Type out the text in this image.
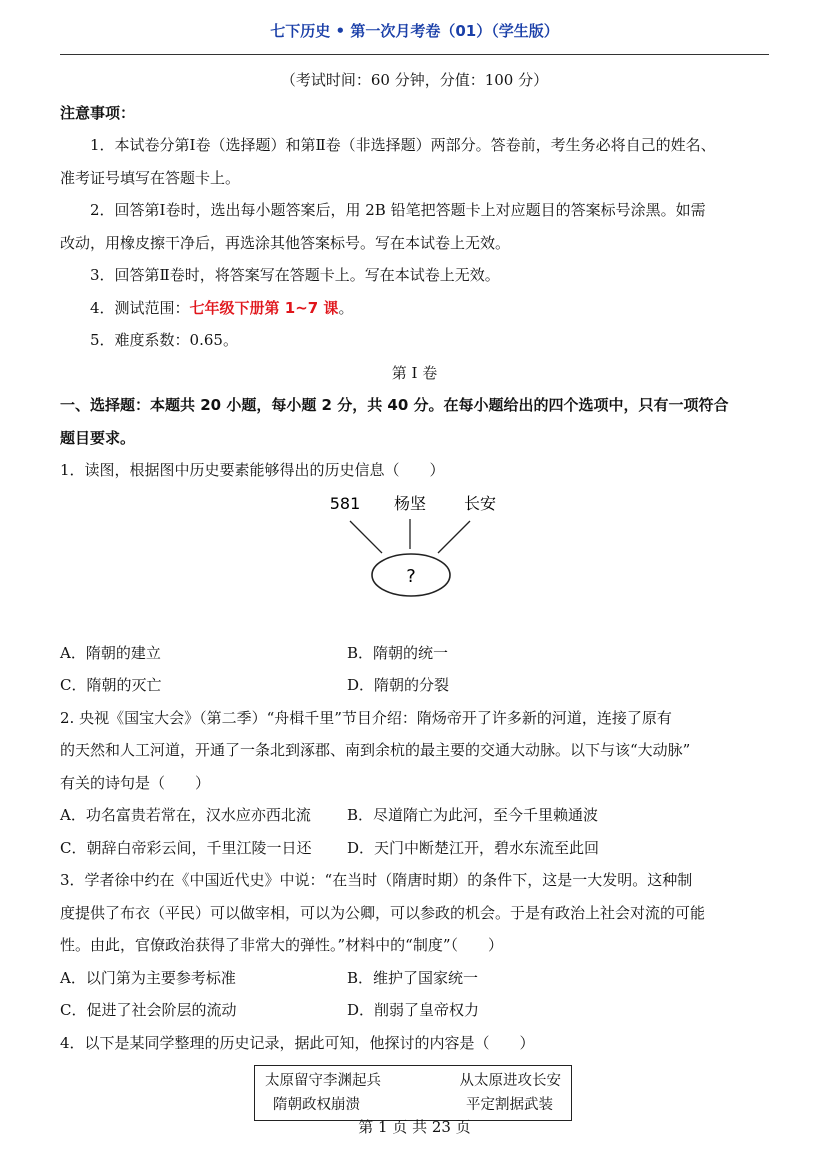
七下历史 • 第一次月考卷（01）（学生版）
（考试时间：60 分钟，分值：100 分）
注意事项：
1．本试卷分第Ⅰ卷（选择题）和第Ⅱ卷（非选择题）两部分。答卷前，考生务必将自己的姓名、
准考证号填写在答题卡上。
2．回答第Ⅰ卷时，选出每小题答案后，用 2B 铅笔把答题卡上对应题目的答案标号涂黑。如需
改动，用橡皮擦干净后，再选涂其他答案标号。写在本试卷上无效。
3．回答第Ⅱ卷时，将答案写在答题卡上。写在本试卷上无效。
4．测试范围：七年级下册第 1~7 课。
5．难度系数：0.65。
第 I 卷
一、选择题：本题共 20 小题，每小题 2 分，共 40 分。在每小题给出的四个选项中，只有一项符合
题目要求。
1．读图，根据图中历史要素能够得出的历史信息（　　）
581 杨坚 长安
?
A．隋朝的建立	B．隋朝的统一
C．隋朝的灭亡	D．隋朝的分裂
2. 央视《国宝大会》（第二季）“舟楫千里”节目介绍：隋炀帝开了许多新的河道，连接了原有
的天然和人工河道，开通了一条北到涿郡、南到余杭的最主要的交通大动脉。以下与该“大动脉”
有关的诗句是（　　）
A．功名富贵若常在，汉水应亦西北流	B．尽道隋亡为此河，至今千里赖通波
C．朝辞白帝彩云间，千里江陵一日还	D．天门中断楚江开，碧水东流至此回
3．学者徐中约在《中国近代史》中说：“在当时（隋唐时期）的条件下，这是一大发明。这种制
度提供了布衣（平民）可以做宰相，可以为公卿，可以参政的机会。于是有政治上社会对流的可能
性。由此，官僚政治获得了非常大的弹性。”材料中的“制度”（　　）
A．以门第为主要参考标准	B．维护了国家统一
C．促进了社会阶层的流动	D．削弱了皇帝权力
4．以下是某同学整理的历史记录，据此可知，他探讨的内容是（　　）
太原留守李渊起兵	从太原进攻长安
隋朝政权崩溃	平定割据武装
第 1 页 共 23 页
